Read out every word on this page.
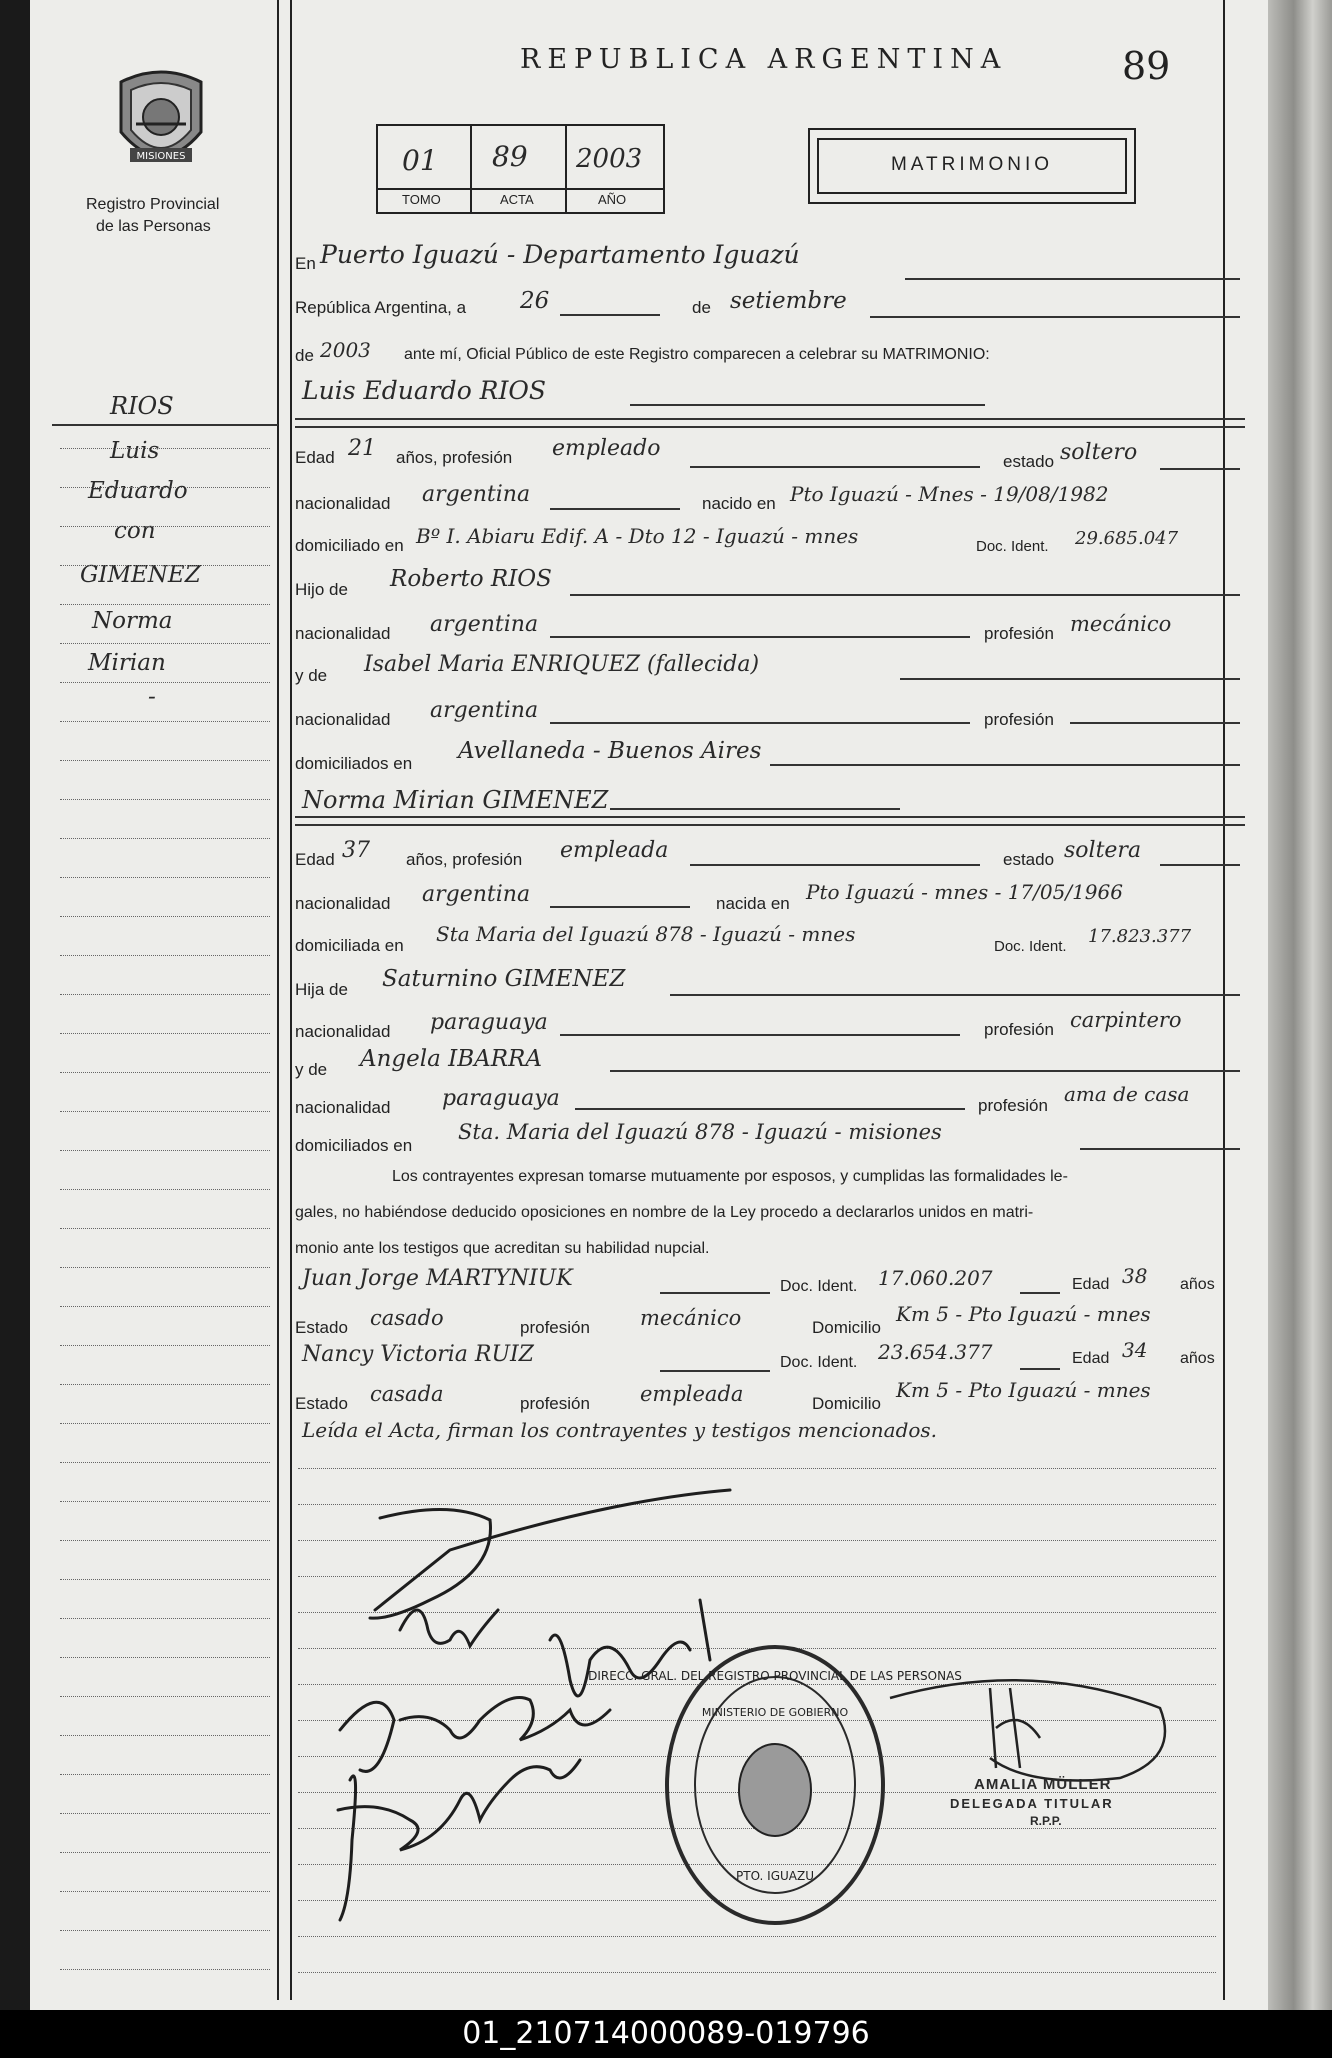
MISIONES
Registro Provincial
de las Personas
REPUBLICA ARGENTINA	89
01 89 2003
TOMO	ACTA	AÑO
MATRIMONIO
En Puerto Iguazú - Departamento Iguazú
República Argentina, a 26	de setiembre
de 2003 ante mí, Oficial Público de este Registro comparecen a celebrar su MATRIMONIO:
RIOS
Luis
Eduardo
con
GIMENEZ
Norma
Mirian
-
Luis Eduardo RIOS
Edad 21 años, profesión empleado
estado soltero
nacionalidad argentina	nacido en Pto Iguazú - Mnes - 19/08/1982
domiciliado en Bº I. Abiaru Edif. A - Dto 12 - Iguazú - mnes	Doc. Ident. 29.685.047
Hijo de Roberto RIOS
nacionalidad argentina	profesión mecánico
y de Isabel Maria ENRIQUEZ (fallecida)
nacionalidad argentina	profesión
domiciliados en Avellaneda - Buenos Aires
Norma Mirian GIMENEZ
Edad 37 años, profesión empleada	estado soltera
nacionalidad argentina	nacida en Pto Iguazú - mnes - 17/05/1966
domiciliada en Sta Maria del Iguazú 878 - Iguazú - mnes
Doc. Ident. 17.823.377
Hija de Saturnino GIMENEZ
nacionalidad paraguaya	profesión carpintero
y de Angela IBARRA
nacionalidad paraguaya	profesión ama de casa
domiciliados en
Sta. Maria del Iguazú 878 - Iguazú - misiones
Los contrayentes expresan tomarse mutuamente por esposos, y cumplidas las formalidades le-
gales, no habiéndose deducido oposiciones en nombre de la Ley procedo a declararlos unidos en matri-
monio ante los testigos que acreditan su habilidad nupcial.
Juan Jorge MARTYNIUK	Doc. Ident. 17.060.207	Edad 38 años
Estado casado	profesión mecánico	Domicilio
Km 5 - Pto Iguazú - mnes
Nancy Victoria RUIZ	Doc. Ident. 23.654.377	Edad 34 años
Estado casada	profesión empleada	Domicilio
Km 5 - Pto Iguazú - mnes
Leída el Acta, firman los contrayentes y testigos mencionados.
DIRECC. GRAL. DEL REGISTRO PROVINCIAL DE LAS PERSONAS
MINISTERIO DE GOBIERNO
PTO. IGUAZU
AMALIA MÜLLER
DELEGADA TITULAR
R.P.P.
01_210714000089-019796
